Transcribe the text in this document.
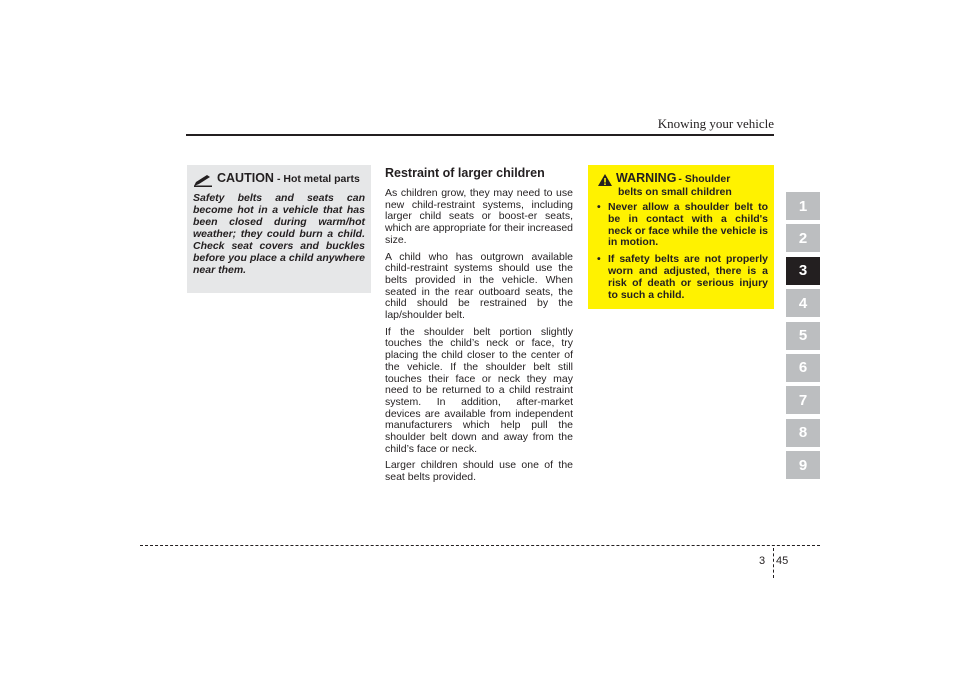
Knowing your vehicle
CAUTION - Hot metal parts
Safety belts and seats can become hot in a vehicle that has been closed during warm/hot weather; they could burn a child. Check seat covers and buckles before you place a child anywhere near them.
Restraint of larger children

As children grow, they may need to use new child-restraint systems, including larger child seats or boost-er seats, which are appropriate for their increased size.

A child who has outgrown available child-restraint systems should use the belts provided in the vehicle. When seated in the rear outboard seats, the child should be restrained by the lap/shoulder belt.

If the shoulder belt portion slightly touches the child’s neck or face, try placing the child closer to the center of the vehicle. If the shoulder belt still touches their face or neck they may need to be returned to a child restraint system. In addition, after-market devices are available from independent manufacturers which help pull the shoulder belt down and away from the child’s face or neck.

Larger children should use one of the seat belts provided.

WARNING - Shoulder
belts on small children
• Never allow a shoulder belt to be in contact with a child's neck or face while the vehicle is in motion.
• If safety belts are not properly worn and adjusted, there is a risk of death or serious injury to such a child.
1
2
3
4
5
6
7
8
9
3 45
